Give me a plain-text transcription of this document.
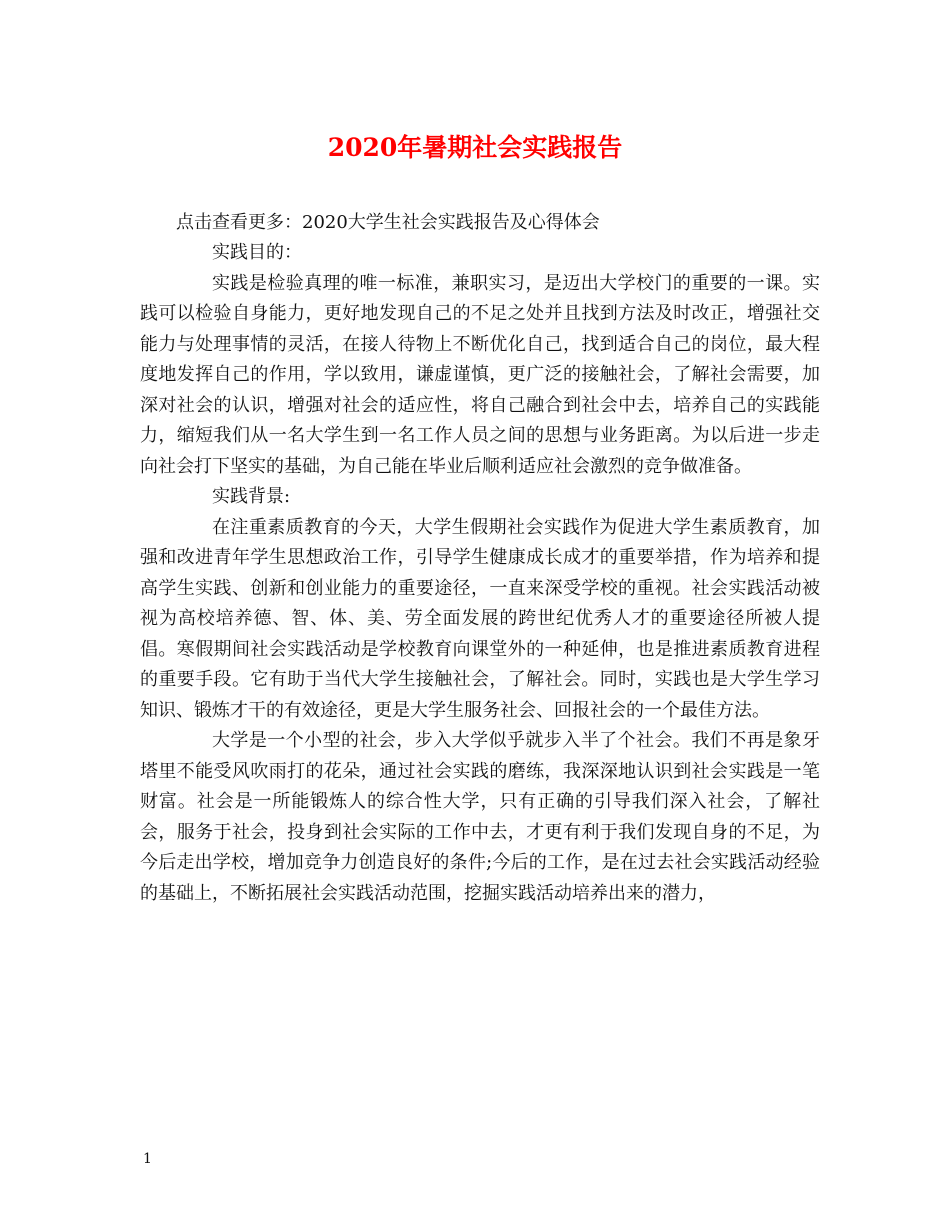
2020年暑期社会实践报告
点击查看更多：2020大学生社会实践报告及心得体会

实践目的：

实践是检验真理的唯一标准，兼职实习，是迈出大学校门的重要的一课。实践可以检验自身能力，更好地发现自己的不足之处并且找到方法及时改正，增强社交能力与处理事情的灵活，在接人待物上不断优化自己，找到适合自己的岗位，最大程度地发挥自己的作用，学以致用，谦虚谨慎，更广泛的接触社会，了解社会需要，加深对社会的认识，增强对社会的适应性，将自己融合到社会中去，培养自己的实践能力，缩短我们从一名大学生到一名工作人员之间的思想与业务距离。为以后进一步走向社会打下坚实的基础，为自己能在毕业后顺利适应社会激烈的竞争做准备。

实践背景:

在注重素质教育的今天，大学生假期社会实践作为促进大学生素质教育，加强和改进青年学生思想政治工作，引导学生健康成长成才的重要举措，作为培养和提高学生实践、创新和创业能力的重要途径，一直来深受学校的重视。社会实践活动被视为高校培养德、智、体、美、劳全面发展的跨世纪优秀人才的重要途径所被人提倡。寒假期间社会实践活动是学校教育向课堂外的一种延伸，也是推进素质教育进程的重要手段。它有助于当代大学生接触社会，了解社会。同时，实践也是大学生学习知识、锻炼才干的有效途径，更是大学生服务社会、回报社会的一个最佳方法。

大学是一个小型的社会，步入大学似乎就步入半了个社会。我们不再是象牙塔里不能受风吹雨打的花朵，通过社会实践的磨练，我深深地认识到社会实践是一笔财富。社会是一所能锻炼人的综合性大学，只有正确的引导我们深入社会，了解社会，服务于社会，投身到社会实际的工作中去，才更有利于我们发现自身的不足，为今后走出学校，增加竞争力创造良好的条件;今后的工作，是在过去社会实践活动经验的基础上，不断拓展社会实践活动范围，挖掘实践活动培养出来的潜力，

1
